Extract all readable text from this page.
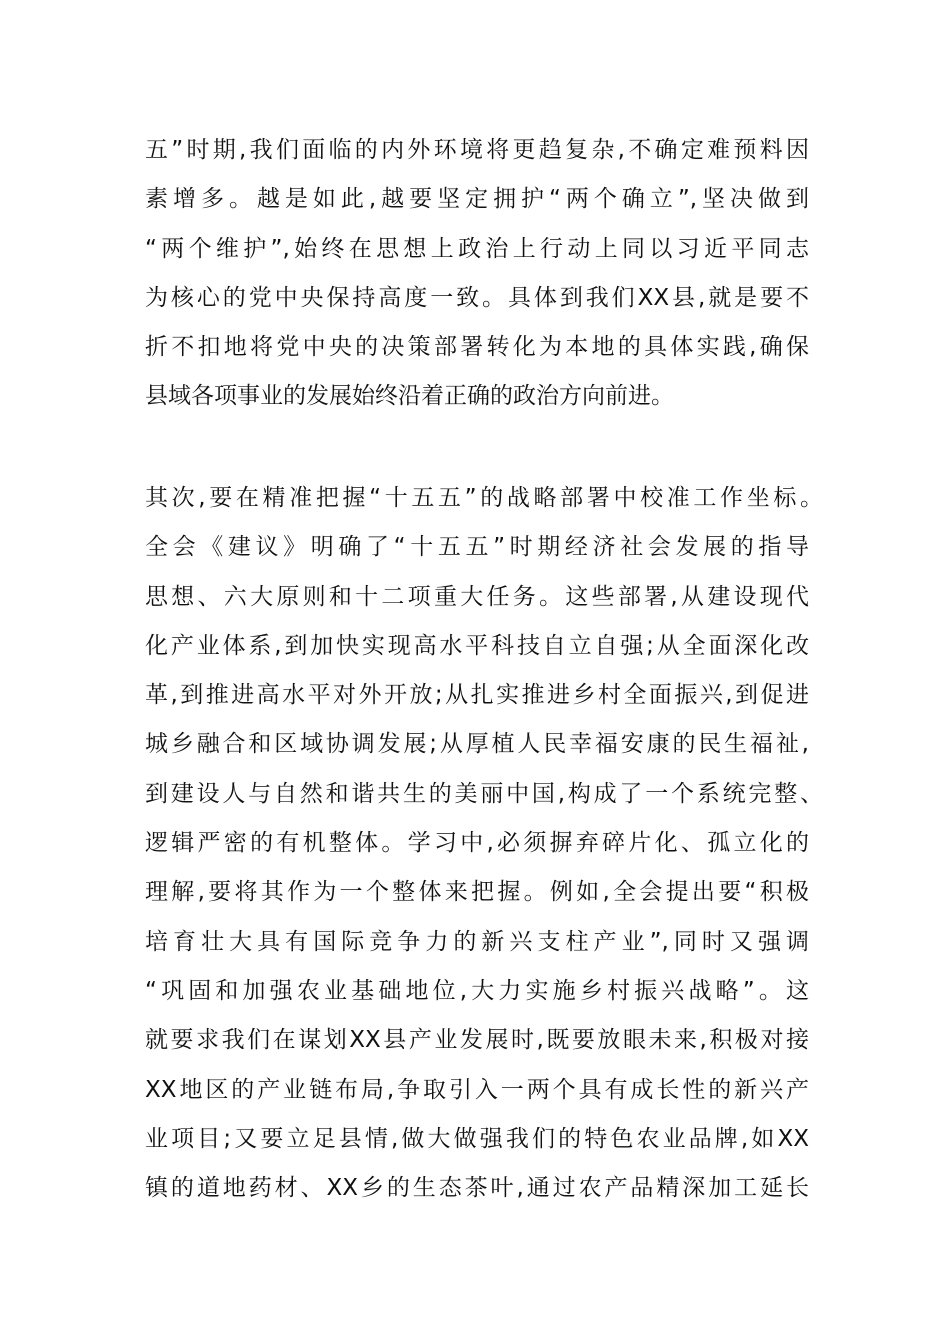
五”时期,我们面临的内外环境将更趋复杂,不确定难预料因
素增多。越是如此,越要坚定拥护“两个确立”,坚决做到
“两个维护”,始终在思想上政治上行动上同以习近平同志
为核心的党中央保持高度一致。具体到我们XX县,就是要不
折不扣地将党中央的决策部署转化为本地的具体实践,确保
县域各项事业的发展始终沿着正确的政治方向前进。
其次,要在精准把握“十五五”的战略部署中校准工作坐标。
全会《建议》明确了“十五五”时期经济社会发展的指导
思想、六大原则和十二项重大任务。这些部署,从建设现代
化产业体系,到加快实现高水平科技自立自强;从全面深化改
革,到推进高水平对外开放;从扎实推进乡村全面振兴,到促进
城乡融合和区域协调发展;从厚植人民幸福安康的民生福祉,
到建设人与自然和谐共生的美丽中国,构成了一个系统完整、
逻辑严密的有机整体。学习中,必须摒弃碎片化、孤立化的
理解,要将其作为一个整体来把握。例如,全会提出要“积极
培育壮大具有国际竞争力的新兴支柱产业”,同时又强调
“巩固和加强农业基础地位,大力实施乡村振兴战略”。这
就要求我们在谋划XX县产业发展时,既要放眼未来,积极对接
XX地区的产业链布局,争取引入一两个具有成长性的新兴产
业项目;又要立足县情,做大做强我们的特色农业品牌,如XX
镇的道地药材、XX乡的生态茶叶,通过农产品精深加工延长
